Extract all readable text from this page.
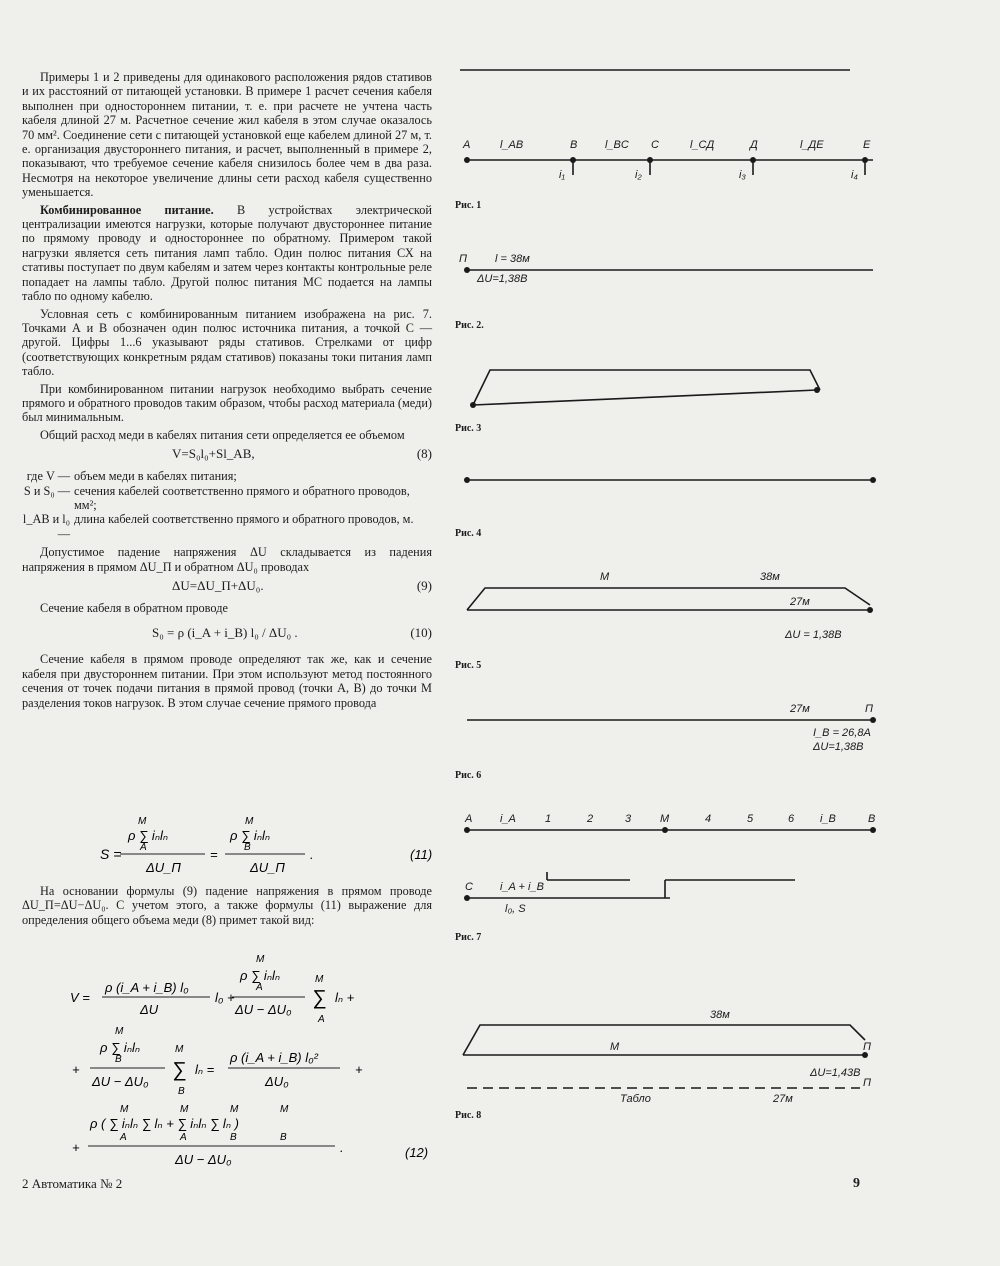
Примеры 1 и 2 приведены для одинакового расположения рядов стативов и их расстояний от питающей установки. В примере 1 расчет сечения кабеля выполнен при одностороннем питании, т. е. при расчете не учтена часть кабеля длиной 27 м. Расчетное сечение жил кабеля в этом случае оказалось 70 мм². Соединение сети с питающей установкой еще кабелем длиной 27 м, т. е. организация двустороннего питания, и расчет, выполненный в примере 2, показывают, что требуемое сечение кабеля снизилось более чем в два раза. Несмотря на некоторое увеличение длины сети расход кабеля существенно уменьшается.

Комбинированное питание. В устройствах электрической централизации имеются нагрузки, которые получают двустороннее питание по прямому проводу и одностороннее по обратному. Примером такой нагрузки является сеть питания ламп табло. Один полюс питания СХ на стативы поступает по двум кабелям и затем через контакты контрольные реле попадает на лампы табло. Другой полюс питания МС подается на лампы табло по одному кабелю.

Условная сеть с комбинированным питанием изображена на рис. 7. Точками А и В обозначен один полюс источника питания, а точкой С — другой. Цифры 1...6 указывают ряды стативов. Стрелками от цифр (соответствующих конкретным рядам стативов) показаны токи питания ламп табло.

При комбинированном питании нагрузок необходимо выбрать сечение прямого и обратного проводов таким образом, чтобы расход материала (меди) был минимальным.

Общий расход меди в кабелях питания сети определяется ее объемом

V=S₀l₀+Sl_AB,	(8)
где V — объем меди в кабелях питания;
S и S₀ — сечения кабелей соответственно прямого и обратного проводов, мм²;
l_AB и l₀ —
длина кабелей соответственно прямого и обратного проводов, м.

Допустимое падение напряжения ΔU складывается из падения напряжения в прямом ΔU_П и обратном ΔU₀ проводах

ΔU=ΔU_П+ΔU₀.	(9)

Сечение кабеля в обратном проводе

S₀ = ρ (i_A + i_B) l₀ / ΔU₀ .	(10)

Сечение кабеля в прямом проводе определяют так же, как и сечение кабеля при двустороннем питании. При этом используют метод постоянного сечения от точек подачи питания в прямой провод (точки А, В) до точки М разделения токов нагрузок. В этом случае сечение прямого провода

M
ρ ∑ iₙlₙ
A
ΔU_П
S =	=
M
ρ ∑ iₙlₙ
B
ΔU_П
.	(11)

На основании формулы (9) падение напряжения в прямом проводе ΔU_П=ΔU−ΔU₀. С учетом этого, а также формулы (11) выражение для определения общего объема меди (8) примет такой вид:

V =
ρ (i_A + i_B) l₀
ΔU
l₀ +
M
ρ ∑ iₙlₙ
A
ΔU − ΔU₀
M
∑
A
lₙ +
M
ρ ∑ iₙlₙ
B
+
ΔU − ΔU₀
M
∑
B
lₙ =
ρ (i_A + i_B) l₀²
ΔU₀
+
+
M	M	M	M
ρ ( ∑ iₙlₙ ∑ lₙ + ∑ iₙlₙ ∑ lₙ )
A	A	B	B
ΔU − ΔU₀
.	(12)
A	l_AB	B	l_BC C	l_CД	Д	l_ДE	E
i₁	i₂	i₃	i₄
П	l = 38м
ΔU=1,38В
М	38м
27м
ΔU = 1,38В
27м	П
I_B = 26,8А
ΔU=1,38В
A	i_A	B
i_B
1	2	3	M	4	5	6
C i_A + i_B
l₀, S
38м
M
Табло	27м
ΔU=1,43В
П
П
Рис. 1
Рис. 2.
Рис. 3
Рис. 4
Рис. 5
Рис. 6
Рис. 7
Рис. 8
2 Автоматика № 2	9
